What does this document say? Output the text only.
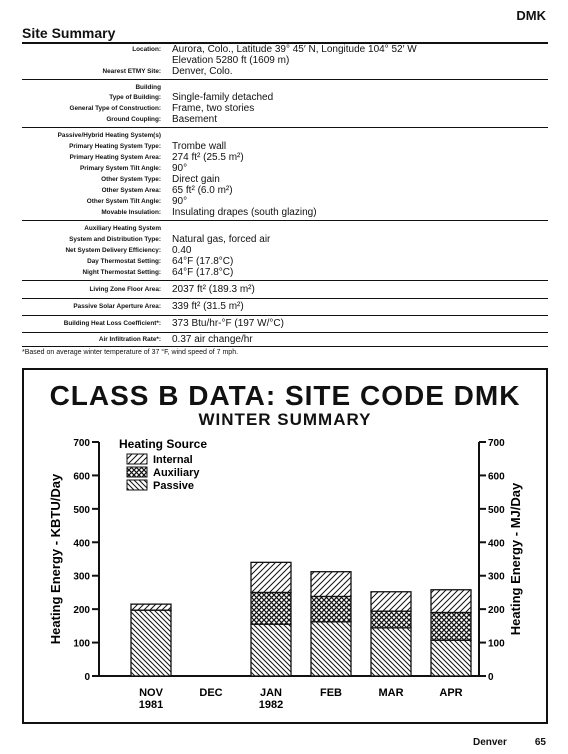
DMK
Site Summary
Location: Aurora, Colo., Latitude 39° 45′ N, Longitude 104° 52′ W
Elevation 5280 ft (1609 m)
Nearest ETMY Site: Denver, Colo.
Building
Type of Building: Single-family detached
General Type of Construction: Frame, two stories
Ground Coupling: Basement
Passive/Hybrid Heating System(s)
Primary Heating System Type: Trombe wall
Primary Heating System Area: 274 ft² (25.5 m²)
Primary System Tilt Angle: 90°
Other System Type: Direct gain
Other System Area: 65 ft² (6.0 m²)
Other System Tilt Angle: 90°
Movable Insulation: Insulating drapes (south glazing)
Auxiliary Heating System
System and Distribution Type: Natural gas, forced air
Net System Delivery Efficiency: 0.40
Day Thermostat Setting: 64°F (17.8°C)
Night Thermostat Setting: 64°F (17.8°C)
Living Zone Floor Area: 2037 ft² (189.3 m²)
Passive Solar Aperture Area: 339 ft² (31.5 m²)
Building Heat Loss Coefficient*: 373 Btu/hr-°F (197 W/°C)
Air Infiltration Rate*: 0.37 air change/hr
*Based on average winter temperature of 37 °F, wind speed of 7 mph.
CLASS B DATA: SITE CODE DMK
WINTER SUMMARY
Heating Source
Internal
Auxiliary
Passive
0
100
200
300
400
500
600
700
0
100
200
300
400
500
600
700
Heating Energy - KBTU/Day	Heating Energy - MJ/Day
NOV
1981
DEC	JAN
1982
FEB	MAR	APR
Denver	65
